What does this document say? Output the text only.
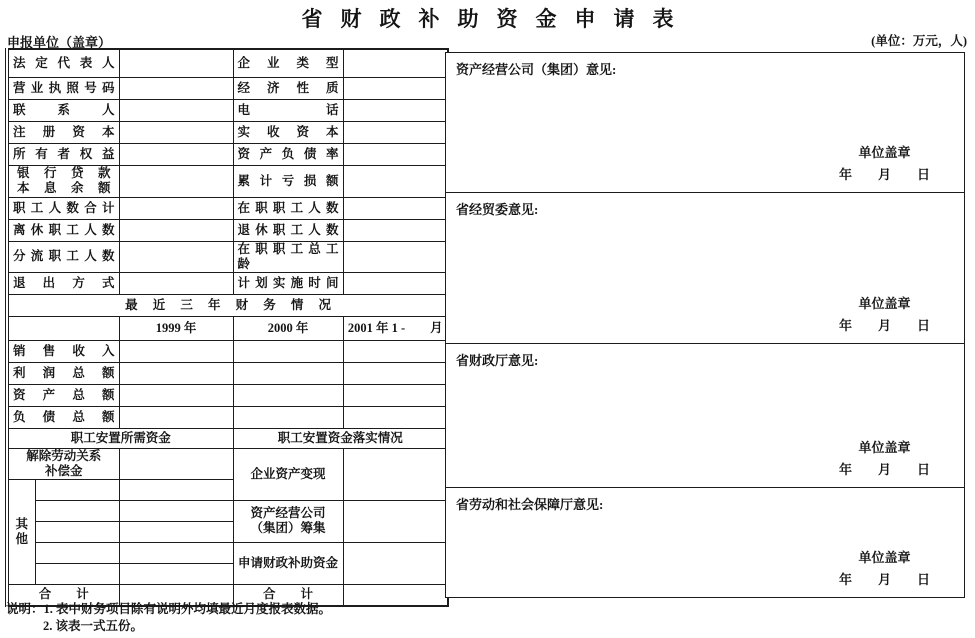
省财政补助资金申请表
申报单位（盖章）	(单位：万元，人)
法 定 代 表 人			企 业 类 型	
营 业 执 照 号 码			经 济 性 质	
联 系 人			电 话	
注 册 资 本			实 收 资 本	
所 有 者 权 益			资 产 负 债 率	

银 行 贷 款
本 息 余 额			累 计 亏 损 额	
职 工 人 数 合 计			在 职 职 工 人 数	
离 休 职 工 人 数			退 休 职 工 人 数	
分 流 职 工 人 数			在 职 职 工 总 工 龄	
退 出 方 式			计 划 实 施 时 间	
最 近 三 年 财 务 情 况				
		1999 年	2000 年	2001 年 1 -　　月
销 售 收 入				
利 润 总 额				
资 产 总 额				
负 债 总 额				
职工安置所需资金			职工安置资金落实情况	

解除劳动关系
补偿金			企业资产变现	
其他				

			资产经营公司
（集团）筹集	

			申请财政补助资金	

合　　计			合　　计	
资产经营公司（集团）意见:
单位盖章
年　　月　　日
省经贸委意见:
单位盖章
年　　月　　日
省财政厅意见:
单位盖章
年　　月　　日
省劳动和社会保障厅意见:
单位盖章
年　　月　　日
说明：1. 表中财务项目除有说明外均填最近月度报表数据。
2. 该表一式五份。
